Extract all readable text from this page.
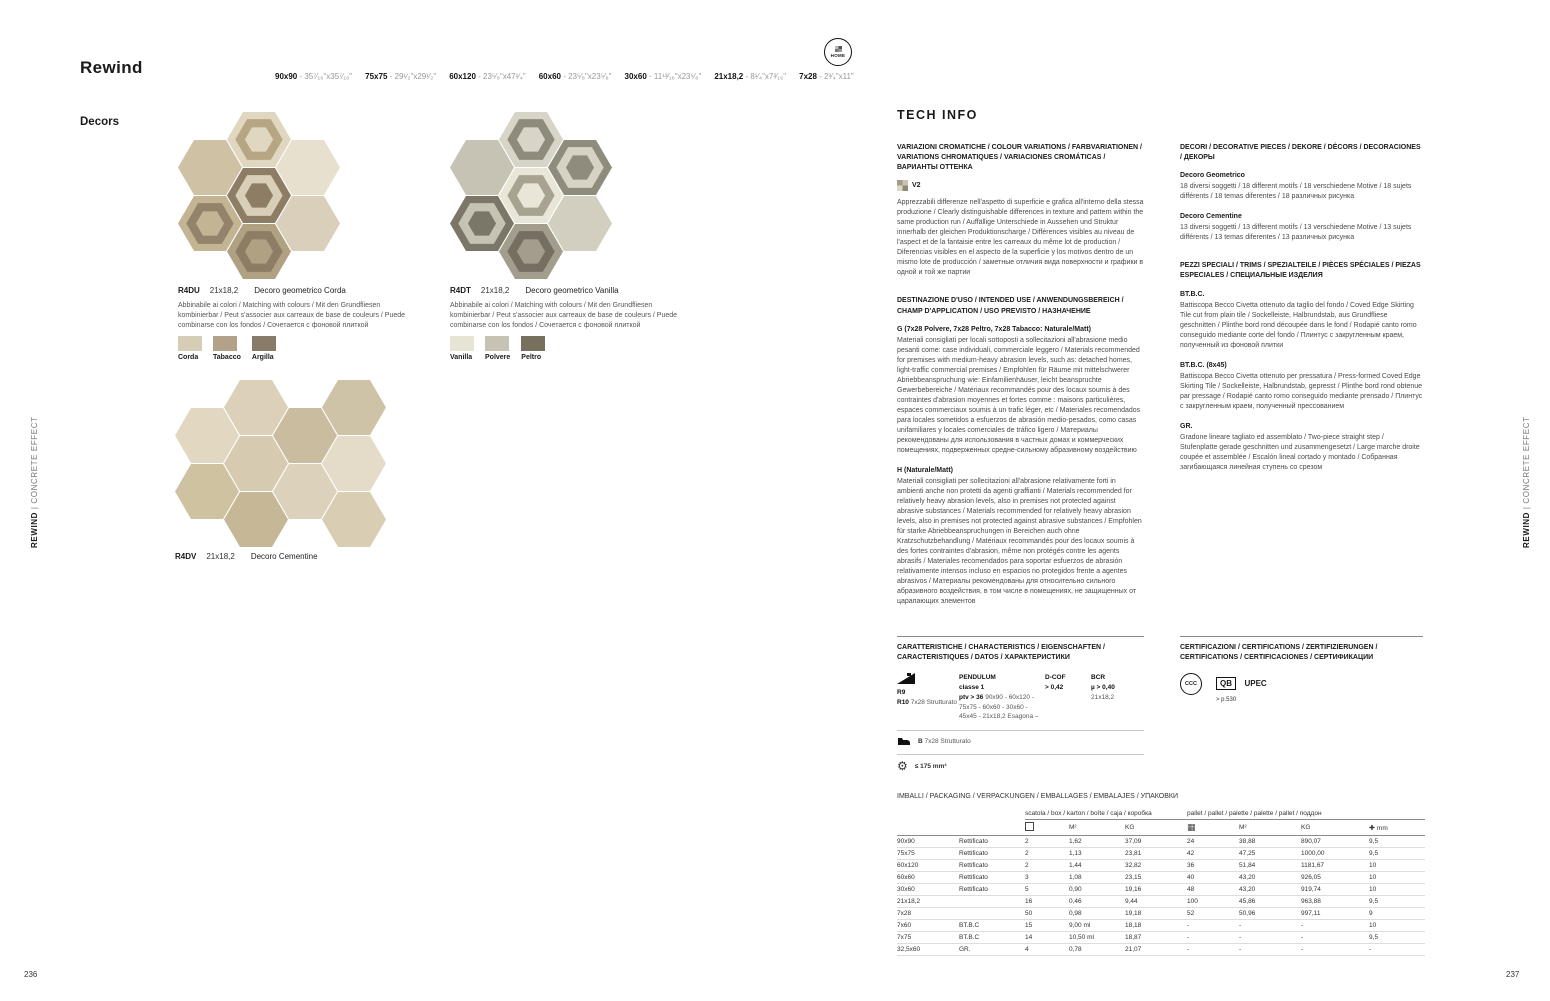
Rewind	90x90 - 35⁷⁄₁₆"x35⁷⁄₁₆" 75x75 - 29¹⁄₂"x29¹⁄₂" 60x120 - 23⁵⁄₈"x47¹⁄₄" 60x60 - 23⁵⁄₈"x23⁵⁄₈" 30x60 - 11¹³⁄₁₆"x23⁵⁄₈" 21x18,2 - 8¹⁄₄"x7³⁄₁₆" 7x28 - 2³⁄₄"x11"
HOME
Decors
R4DU 21x18,2 Decoro geometrico Corda
Abbinabile ai colori / Matching with colours / Mit den Grundfliesen kombinierbar / Peut s'associer aux carreaux de base de couleurs / Puede combinarse con los fondos / Сочетается с фоновой плиткой
Corda	Tabacco Argilla
R4DT 21x18,2 Decoro geometrico Vanilla
Abbinabile ai colori / Matching with colours / Mit den Grundfliesen kombinierbar / Peut s'associer aux carreaux de base de couleurs / Puede combinarse con los fondos / Сочетается с фоновой плиткой
Vanilla Polvere Peltro
R4DV 21x18,2 Decoro Cementine
REWIND | CONCRETE EFFECT
REWIND | CONCRETE EFFECT
236	237
TECH INFO
VARIAZIONI CROMATICHE / COLOUR VARIATIONS / FARBVARIATIONEN / VARIATIONS CHROMATIQUES / VARIACIONES CROMÁTICAS / ВАРИАНТЫ ОТТЕНКА
V2
Apprezzabili differenze nell'aspetto di superficie e grafica all'interno della stessa produzione / Clearly distinguishable differences in texture and pattern within the same production run / Auffällige Unterschiede in Aussehen und Struktur innerhalb der gleichen Produktionscharge / Différences visibles au niveau de l'aspect et de la fantaisie entre les carreaux du même lot de production / Diferencias visibles en el aspecto de la superficie y los motivos dentro de un mismo lote de producción / заметные отличия вида поверхности и графики в одной и той же партии
DESTINAZIONE D'USO / INTENDED USE / ANWENDUNGSBEREICH / CHAMP D'APPLICATION / USO PREVISTO / НАЗНАЧЕНИЕ
G (7x28 Polvere, 7x28 Peltro, 7x28 Tabacco: Naturale/Matt)
Materiali consigliati per locali sottoposti a sollecitazioni all'abrasione medio pesanti come: case individuali, commerciale leggero / Materials recommended for premises with medium-heavy abrasion levels, such as: detached homes, light-traffic commercial premises / Empfohlen für Räume mit mittelschwerer Abriebbeanspruchung wie: Einfamilienhäuser, leicht beanspruchte Gewerbebereiche / Matériaux recommandés pour des locaux soumis à des contraintes d'abrasion moyennes et fortes comme : maisons particulières, espaces commerciaux soumis à un trafic léger, etc / Materiales recomendados para locales sometidos a esfuerzos de abrasión medio-pesados, como casas unifamiliares y locales comerciales de tráfico ligero / Материалы рекомендованы для использования в частных домах и коммерческих помещениях, подверженных средне-сильному абразивному воздействию
H (Naturale/Matt)
Materiali consigliati per sollecitazioni all'abrasione relativamente forti in ambienti anche non protetti da agenti graffianti / Materials recommended for relatively heavy abrasion levels, also in premises not protected against abrasive substances / Materials recommended for relatively heavy abrasion levels, also in premises not protected against abrasive substances / Empfohlen für starke Abriebbeanspruchungen in Bereichen auch ohne Kratzschutzbehandlung / Matériaux recommandés pour des locaux soumis à des fortes contraintes d'abrasion, même non protégés contre les agents abrasifs / Materiales recomendados para soportar esfuerzos de abrasión relativamente intensos incluso en espacios no protegidos frente a agentes abrasivos / Материалы рекомендованы для относительно сильного абразивного воздействия, в том числе в помещениях, не защищенных от царапающих элементов
DECORI / DECORATIVE PIECES / DEKORE / DÉCORS / DECORACIONES / ДЕКОРЫ
Decoro Geometrico
18 diversi soggetti / 18 different motifs / 18 verschiedene Motive / 18 sujets différents / 18 temas diferentes / 18 различных рисунка
Decoro Cementine
13 diversi soggetti / 13 different motifs / 13 verschiedene Motive / 13 sujets différents / 13 temas diferentes / 13 различных рисунка
PEZZI SPECIALI / TRIMS / SPEZIALTEILE / PIÈCES SPÉCIALES / PIEZAS ESPECIALES / СПЕЦИАЛЬНЫЕ ИЗДЕЛИЯ
BT.B.C.
Battiscopa Becco Civetta ottenuto da taglio del fondo / Coved Edge Skirting Tile cut from plain tile / Sockelleiste, Halbrundstab, aus Grundfliese geschnitten / Plinthe bord rond découpée dans le fond / Rodapié canto romo conseguido mediante corte del fondo / Плинтус с закругленным краем, полученный из фоновой плитки
BT.B.C. (8x45)
Battiscopa Becco Civetta ottenuto per pressatura / Press-formed Coved Edge Skirting Tile / Sockelleiste, Halbrundstab, gepresst / Plinthe bord rond obtenue par pressage / Rodapié canto romo conseguido mediante prensado / Плинтус с закругленным краем, полученный прессованием
GR.
Gradone lineare tagliato ed assemblato / Two-piece straight step / Stufenplatte gerade geschnitten und zusammengesetzt / Large marche droite coupée et assemblée / Escalón lineal cortado y montado / Собранная загибающаяся линейная ступень со срезом
CARATTERISTICHE / CHARACTERISTICS / EIGENSCHAFTEN / CARACTERISTIQUES / DATOS / ХАРАКТЕРИСТИКИ
R9
R10 7x28 Strutturato
PENDULUM
classe 1
ptv > 36 90x90 - 60x120 - 75x75 - 60x60 - 30x60 - 45x45 - 21x18,2 Esagona –
D-COF
> 0,42
BCR
µ > 0,40
21x18,2
B 7x28 Strutturato
⚙ ≤ 175 mm³
CERTIFICAZIONI / CERTIFICATIONS / ZERTIFIZIERUNGEN / CERTIFICATIONS / CERTIFICACIONES / СЕРТИФИКАЦИИ
CCC	QB UPEC
> p.530
IMBALLI / PACKAGING / VERPACKUNGEN / EMBALLAGES / EMBALAJES / УПАКОВКИ
		scatola / box / karton / boîte / caja / коробка			pallet / pallet / palette / palette / pallet / поддон			
			M²	KG	▦	M²	KG	✚ mm
90x90	Rettificato	2	1,62	37,09	24	38,88	890,07	9,5
75x75	Rettificato	2	1,13	23,81	42	47,25	1000,00	9,5
60x120	Rettificato	2	1,44	32,82	36	51,84	1181,67	10
60x60	Rettificato	3	1,08	23,15	40	43,20	926,05	10
30x60	Rettificato	5	0,90	19,16	48	43,20	919,74	10
21x18,2		16	0,46	9,44	100	45,86	963,88	9,5
7x28		50	0,98	19,18	52	50,96	997,11	9
7x60	BT.B.C	15	9,00 ml	18,18	-	-	-	10
7x75	BT.B.C	14	10,50 ml	18,87	-	-	-	9,5
32,5x60	GR.	4	0,78	21,07	-	-	-	-
